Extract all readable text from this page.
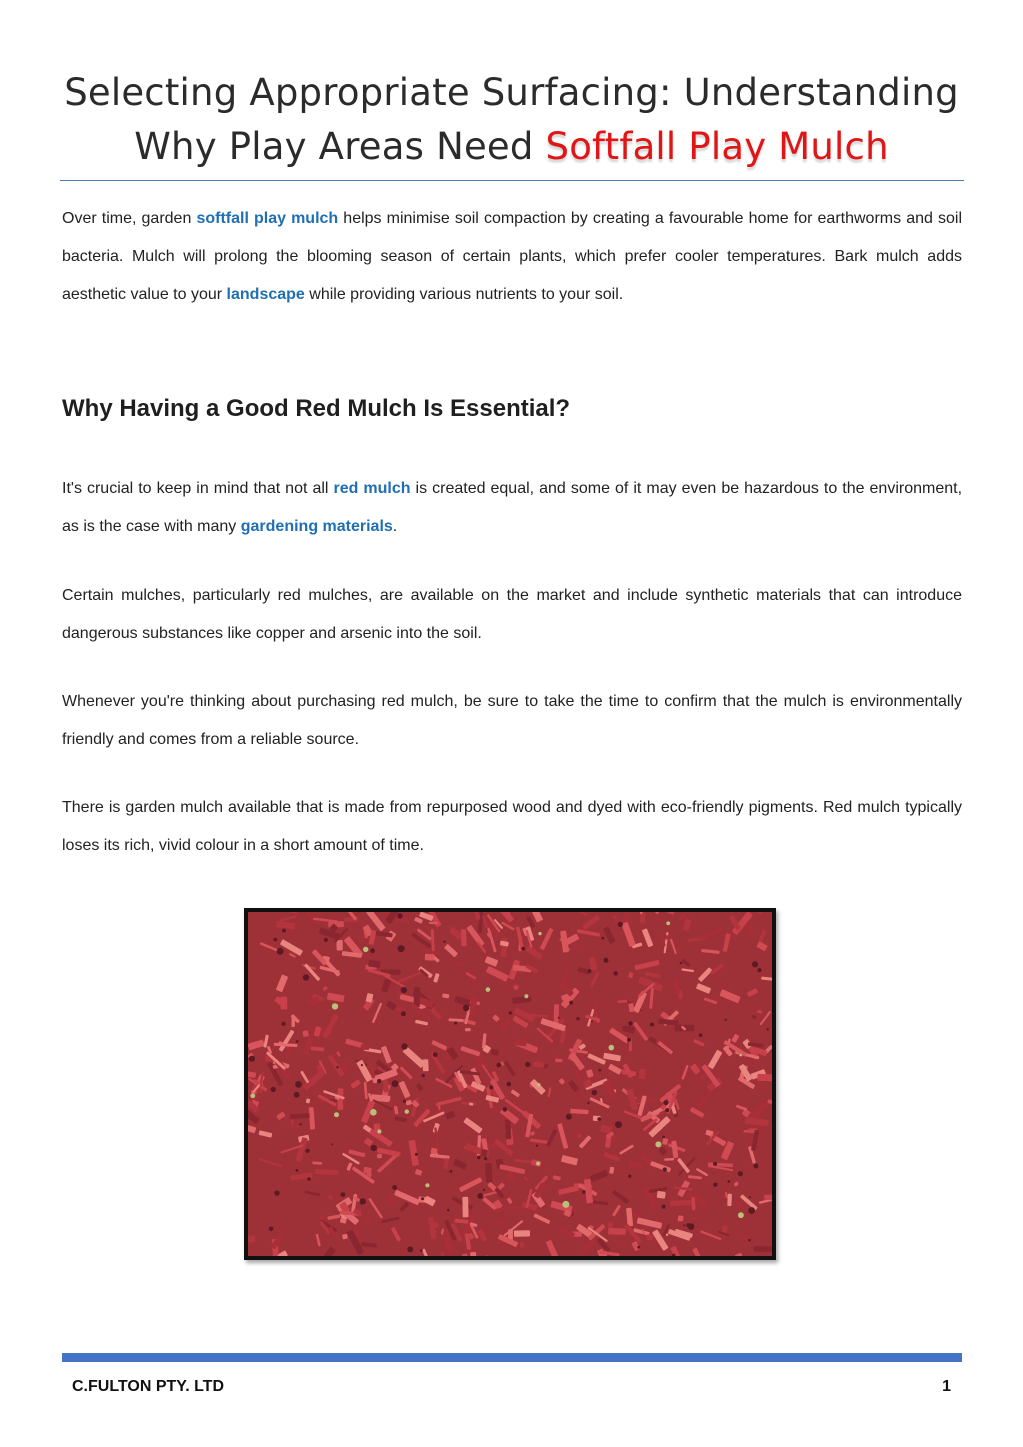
Selecting Appropriate Surfacing: Understanding
Why Play Areas Need Softfall Play Mulch

Over time, garden softfall play mulch helps minimise soil compaction by creating a favourable home for earthworms and soil bacteria. Mulch will prolong the blooming season of certain plants, which prefer cooler temperatures. Bark mulch adds aesthetic value to your landscape while providing various nutrients to your soil.

Why Having a Good Red Mulch Is Essential?

It's crucial to keep in mind that not all red mulch is created equal, and some of it may even be hazardous to the environment, as is the case with many gardening materials.

Certain mulches, particularly red mulches, are available on the market and include synthetic materials that can introduce dangerous substances like copper and arsenic into the soil.

Whenever you're thinking about purchasing red mulch, be sure to take the time to confirm that the mulch is environmentally friendly and comes from a reliable source.

There is garden mulch available that is made from repurposed wood and dyed with eco-friendly pigments. Red mulch typically loses its rich, vivid colour in a short amount of time.

C.FULTON PTY. LTD	1
